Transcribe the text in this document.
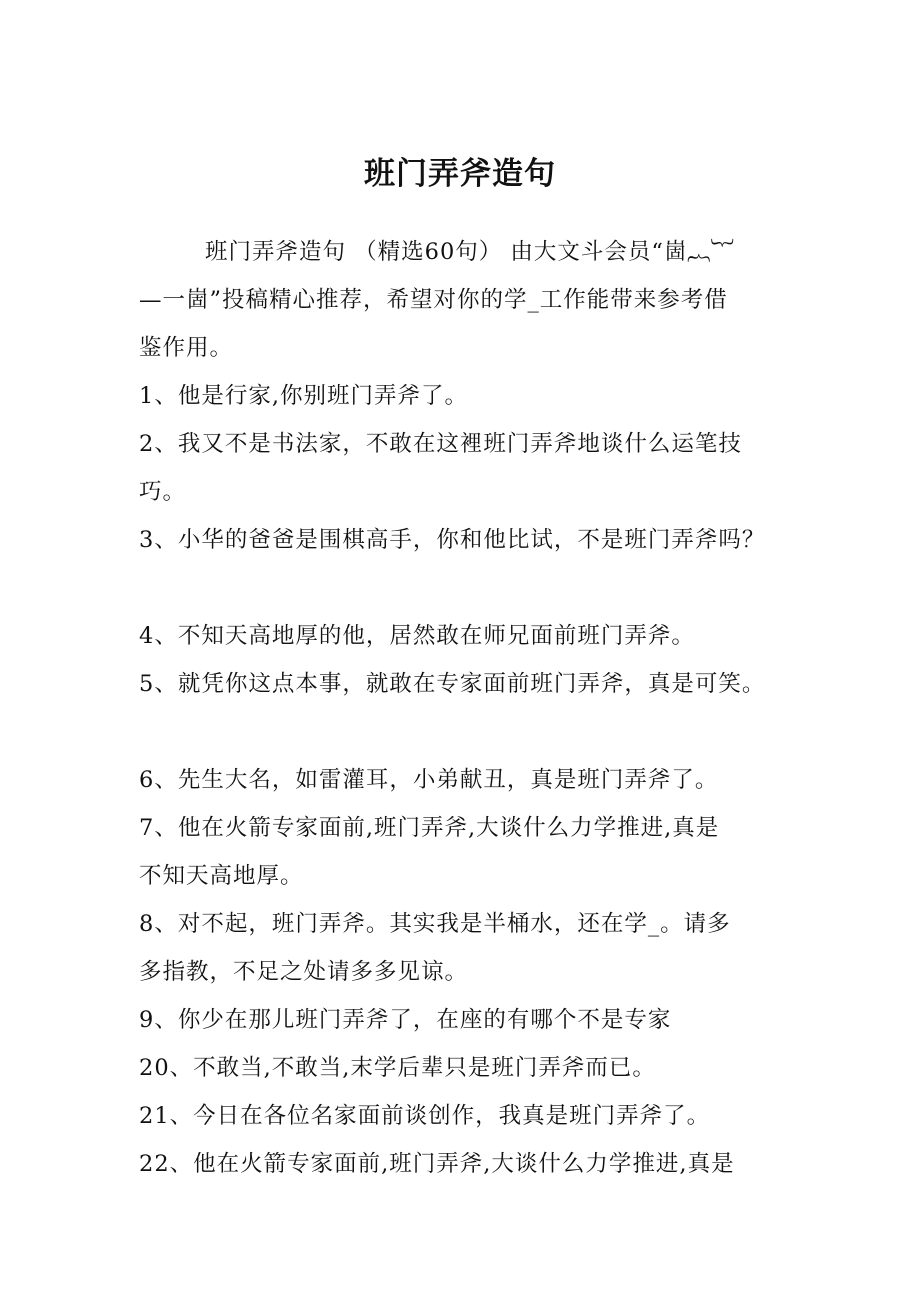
班门弄斧造句
班门弄斧造句 （精选60句） 由大文斗会员“崮︷︸
—一崮”投稿精心推荐，希望对你的学_工作能带来参考借
鉴作用。
1、他是行家,你别班门弄斧了。
2、我又不是书法家，不敢在这裡班门弄斧地谈什么运笔技
巧。
3、小华的爸爸是围棋高手，你和他比试，不是班门弄斧吗？
4、不知天高地厚的他，居然敢在师兄面前班门弄斧。
5、就凭你这点本事，就敢在专家面前班门弄斧，真是可笑。
6、先生大名，如雷灌耳，小弟献丑，真是班门弄斧了。
7、他在火箭专家面前,班门弄斧,大谈什么力学推进,真是
不知天高地厚。
8、对不起，班门弄斧。其实我是半桶水，还在学_。请多
多指教，不足之处请多多见谅。
9、你少在那儿班门弄斧了，在座的有哪个不是专家
20、不敢当,不敢当,末学后辈只是班门弄斧而已。
21、今日在各位名家面前谈创作，我真是班门弄斧了。
22、他在火箭专家面前,班门弄斧,大谈什么力学推进,真是
